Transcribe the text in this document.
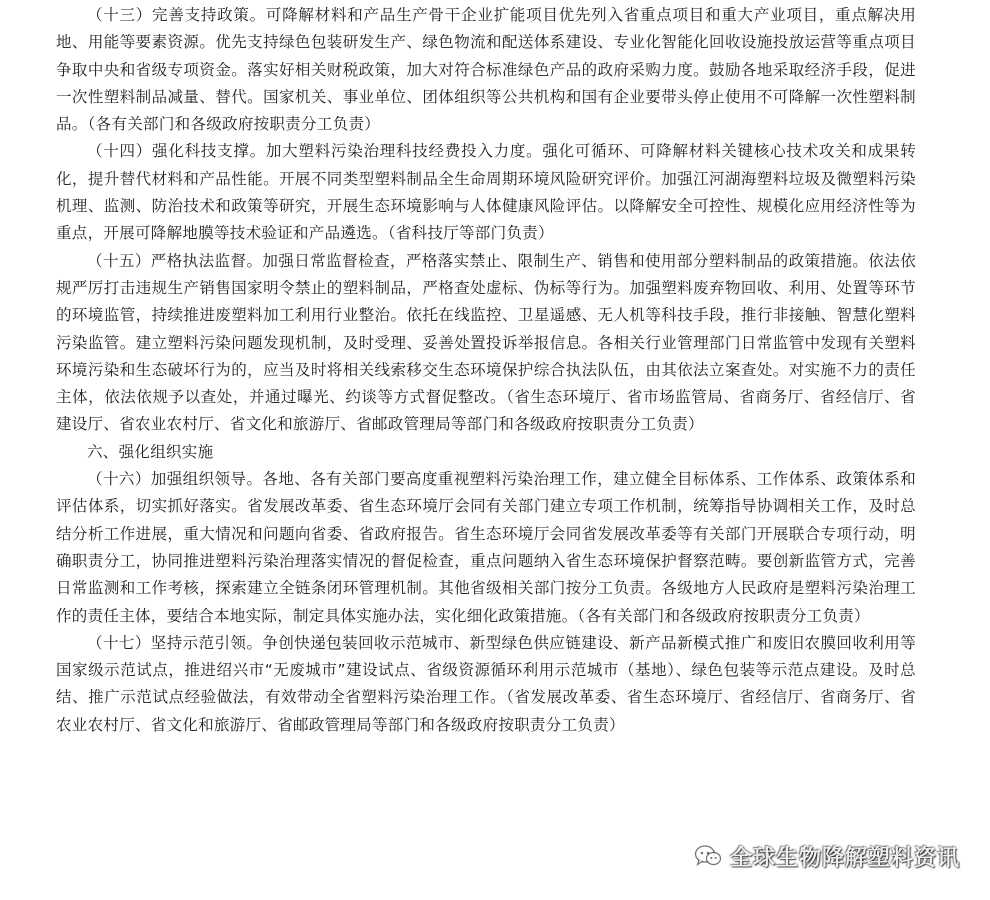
（十三）完善支持政策。可降解材料和产品生产骨干企业扩能项目优先列入省重点项目和重大产业项目，重点解决用地、用能等要素资源。优先支持绿色包装研发生产、绿色物流和配送体系建设、专业化智能化回收设施投放运营等重点项目争取中央和省级专项资金。落实好相关财税政策，加大对符合标准绿色产品的政府采购力度。鼓励各地采取经济手段，促进一次性塑料制品减量、替代。国家机关、事业单位、团体组织等公共机构和国有企业要带头停止使用不可降解一次性塑料制品。（各有关部门和各级政府按职责分工负责）

（十四）强化科技支撑。加大塑料污染治理科技经费投入力度。强化可循环、可降解材料关键核心技术攻关和成果转化，提升替代材料和产品性能。开展不同类型塑料制品全生命周期环境风险研究评价。加强江河湖海塑料垃圾及微塑料污染机理、监测、防治技术和政策等研究，开展生态环境影响与人体健康风险评估。以降解安全可控性、规模化应用经济性等为重点，开展可降解地膜等技术验证和产品遴选。（省科技厅等部门负责）

（十五）严格执法监督。加强日常监督检查，严格落实禁止、限制生产、销售和使用部分塑料制品的政策措施。依法依规严厉打击违规生产销售国家明令禁止的塑料制品，严格查处虚标、伪标等行为。加强塑料废弃物回收、利用、处置等环节的环境监管，持续推进废塑料加工利用行业整治。依托在线监控、卫星遥感、无人机等科技手段，推行非接触、智慧化塑料污染监管。建立塑料污染问题发现机制，及时受理、妥善处置投诉举报信息。各相关行业管理部门日常监管中发现有关塑料环境污染和生态破坏行为的，应当及时将相关线索移交生态环境保护综合执法队伍，由其依法立案查处。对实施不力的责任主体，依法依规予以查处，并通过曝光、约谈等方式督促整改。（省生态环境厅、省市场监管局、省商务厅、省经信厅、省建设厅、省农业农村厅、省文化和旅游厅、省邮政管理局等部门和各级政府按职责分工负责）

六、强化组织实施

（十六）加强组织领导。各地、各有关部门要高度重视塑料污染治理工作，建立健全目标体系、工作体系、政策体系和评估体系，切实抓好落实。省发展改革委、省生态环境厅会同有关部门建立专项工作机制，统筹指导协调相关工作，及时总结分析工作进展，重大情况和问题向省委、省政府报告。省生态环境厅会同省发展改革委等有关部门开展联合专项行动，明确职责分工，协同推进塑料污染治理落实情况的督促检查，重点问题纳入省生态环境保护督察范畴。要创新监管方式，完善日常监测和工作考核，探索建立全链条闭环管理机制。其他省级相关部门按分工负责。各级地方人民政府是塑料污染治理工作的责任主体，要结合本地实际，制定具体实施办法，实化细化政策措施。（各有关部门和各级政府按职责分工负责）

（十七）坚持示范引领。争创快递包装回收示范城市、新型绿色供应链建设、新产品新模式推广和废旧农膜回收利用等国家级示范试点，推进绍兴市“无废城市”建设试点、省级资源循环利用示范城市（基地）、绿色包装等示范点建设。及时总结、推广示范试点经验做法，有效带动全省塑料污染治理工作。（省发展改革委、省生态环境厅、省经信厅、省商务厅、省农业农村厅、省文化和旅游厅、省邮政管理局等部门和各级政府按职责分工负责）

全球生物降解塑料资讯
